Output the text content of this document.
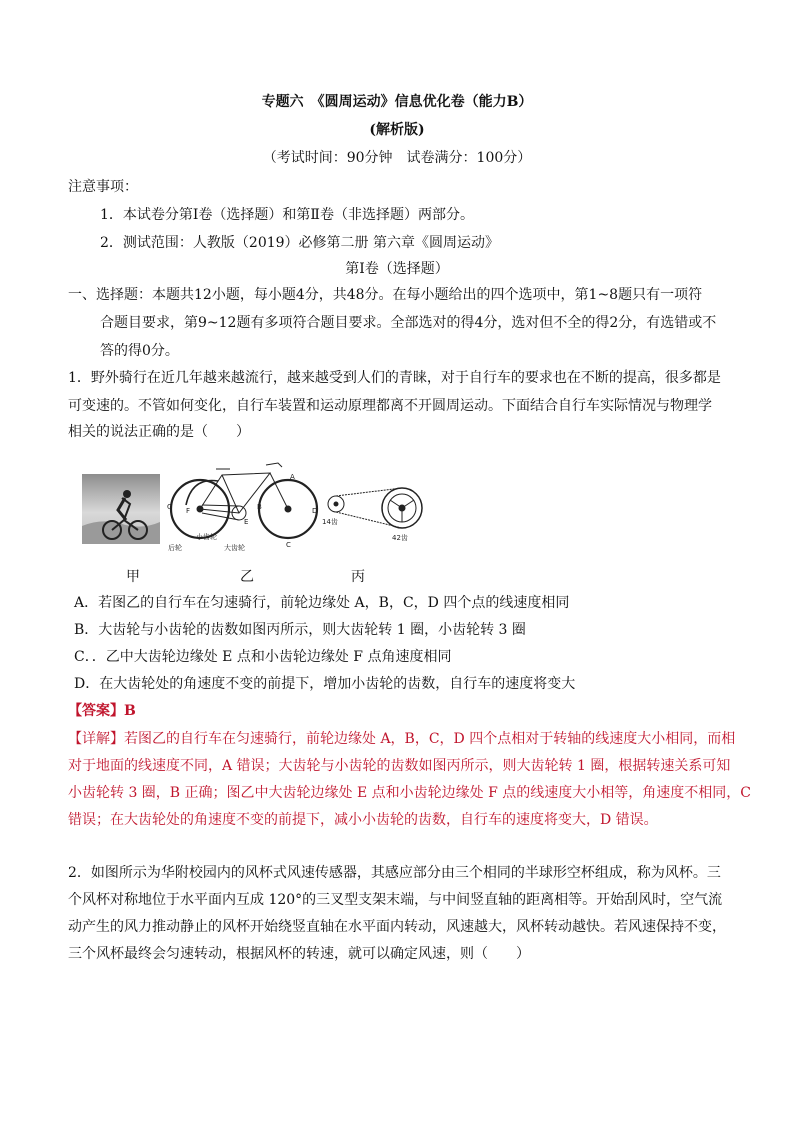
专题六　《圆周运动》信息优化卷（能力B）
(解析版)
（考试时间：90分钟　试卷满分：100分）
注意事项：
1．本试卷分第Ⅰ卷（选择题）和第Ⅱ卷（非选择题）两部分。
2．测试范围：人教版（2019）必修第二册 第六章《圆周运动》
第Ⅰ卷（选择题）
一、选择题：本题共12小题，每小题4分，共48分。在每小题给出的四个选项中，第1~8题只有一项符
合题目要求，第9~12题有多项符合题目要求。全部选对的得4分，选对但不全的得2分，有选错或不
答的得0分。
1．野外骑行在近几年越来越流行，越来越受到人们的青睐，对于自行车的要求也在不断的提高，很多都是
可变速的。不管如何变化，自行车装置和运动原理都离不开圆周运动。下面结合自行车实际情况与物理学
相关的说法正确的是（　　）
G F
E
A
B
C
D
后轮
小齿轮
大齿轮
14齿
42齿
甲	乙	丙
A．若图乙的自行车在匀速骑行，前轮边缘处 A，B，C，D 四个点的线速度相同
B．大齿轮与小齿轮的齿数如图丙所示，则大齿轮转 1 圈，小齿轮转 3 圈
C．．乙中大齿轮边缘处 E 点和小齿轮边缘处 F 点角速度相同
D．在大齿轮处的角速度不变的前提下，增加小齿轮的齿数，自行车的速度将变大
【答案】B
【详解】若图乙的自行车在匀速骑行，前轮边缘处 A，B，C，D 四个点相对于转轴的线速度大小相同，而相
对于地面的线速度不同，A 错误；大齿轮与小齿轮的齿数如图丙所示，则大齿轮转 1 圈，根据转速关系可知
小齿轮转 3 圈，B 正确；图乙中大齿轮边缘处 E 点和小齿轮边缘处 F 点的线速度大小相等，角速度不相同，C
错误；在大齿轮处的角速度不变的前提下，减小小齿轮的齿数，自行车的速度将变大，D 错误。
2．如图所示为华附校园内的风杯式风速传感器，其感应部分由三个相同的半球形空杯组成，称为风杯。三
个风杯对称地位于水平面内互成 120°的三叉型支架末端，与中间竖直轴的距离相等。开始刮风时，空气流
动产生的风力推动静止的风杯开始绕竖直轴在水平面内转动，风速越大，风杯转动越快。若风速保持不变，
三个风杯最终会匀速转动，根据风杯的转速，就可以确定风速，则（　　）
